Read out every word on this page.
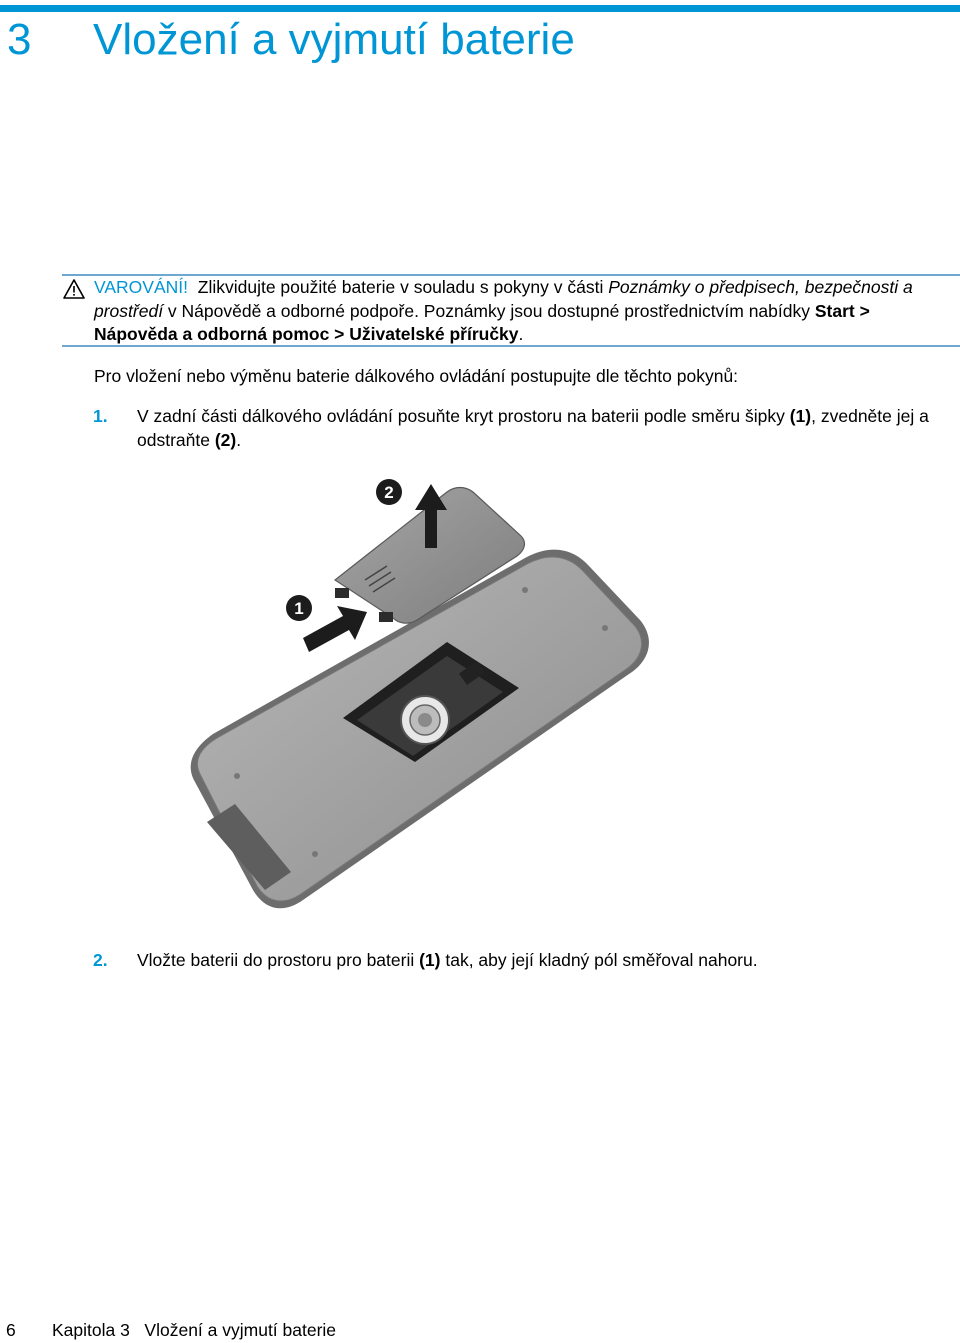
3 Vložení a vyjmutí baterie

VAROVÁNÍ! Zlikvidujte použité baterie v souladu s pokyny v části Poznámky o předpisech, bezpečnosti a prostředí v Nápovědě a odborné podpoře. Poznámky jsou dostupné prostřednictvím nabídky Start > Nápověda a odborná pomoc > Uživatelské příručky.

Pro vložení nebo výměnu baterie dálkového ovládání postupujte dle těchto pokynů:

1. V zadní části dálkového ovládání posuňte kryt prostoru na baterii podle směru šipky (1), zvedněte jej a odstraňte (2).

1
2
2. Vložte baterii do prostoru pro baterii (1) tak, aby její kladný pól směřoval nahoru.

6 Kapitola 3   Vložení a vyjmutí baterie
